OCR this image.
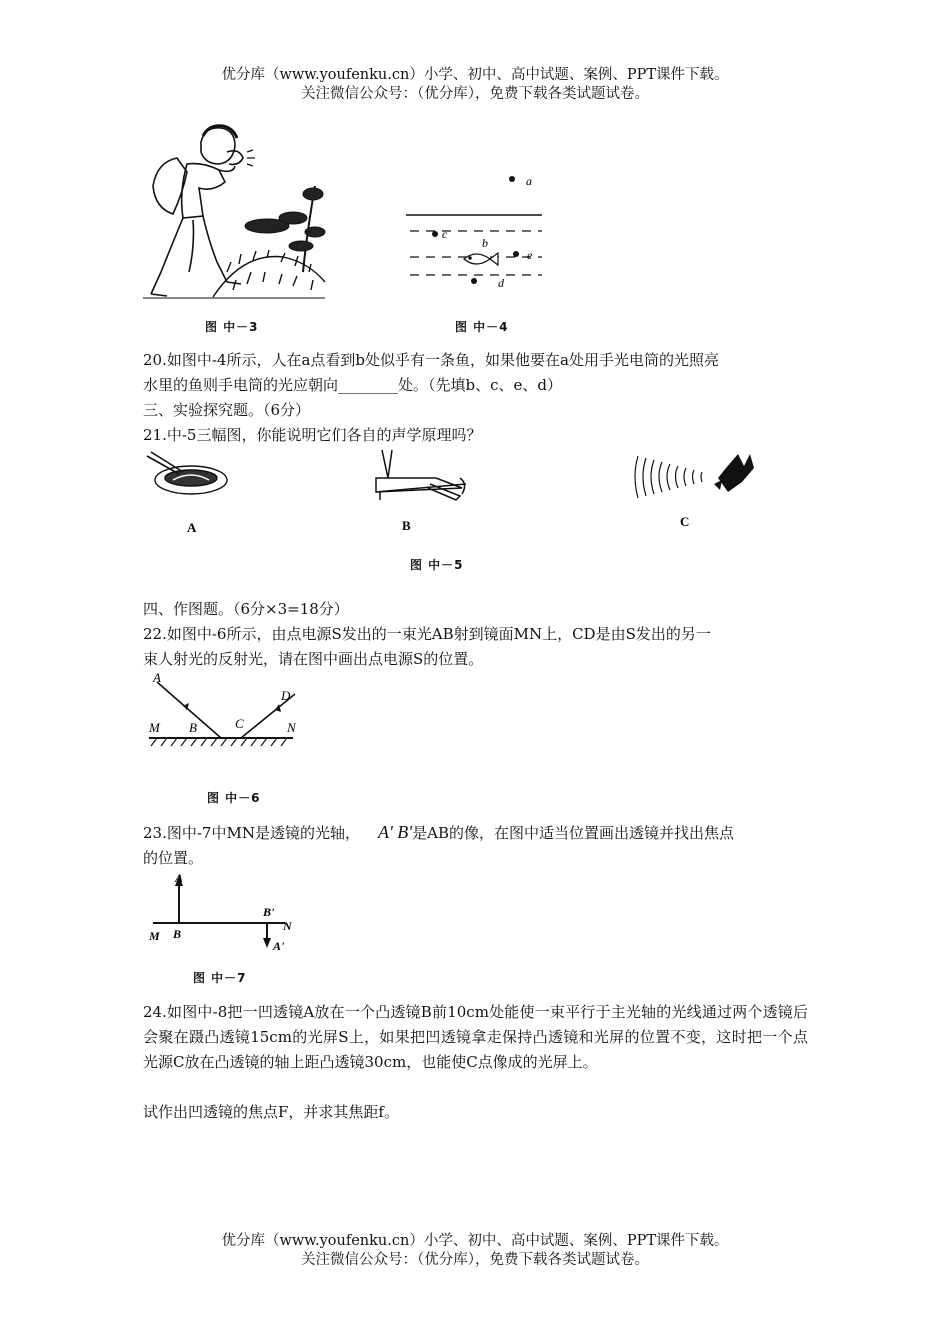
优分库（www.youfenku.cn）小学、初中、高中试题、案例、PPT课件下载。
关注微信公众号：（优分库），免费下载各类试题试卷。
图 中－3
a
c
b
e
d
图 中－4
20.如图中-4所示，人在a点看到b处似乎有一条鱼，如果他要在a处用手光电筒的光照亮
水里的鱼则手电筒的光应朝向________处。（先填b、c、e、d）
三、实验探究题。（6分）
21.中-5三幅图，你能说明它们各自的声学原理吗？
A	B	C
图 中－5
四、作图题。（6分×3=18分）
22.如图中-6所示，由点电源S发出的一束光AB射到镜面MN上，CD是由S发出的另一
束人射光的反射光，请在图中画出点电源S的位置。
A
B	C
D
M	N
图 中－6
23.图中-7中MN是透镜的光轴， A' B'是AB的像，在图中适当位置画出透镜并找出焦点
的位置。
A
B
M
B'
N
A'
图 中－7
24.如图中-8把一凹透镜A放在一个凸透镜B前10cm处能使一束平行于主光轴的光线通过两个透镜后会聚在蹑凸透镜15cm的光屏S上，如果把凹透镜拿走保持凸透镜和光屏的位置不变，这时把一个点光源C放在凸透镜的轴上距凸透镜30cm，也能使C点像成的光屏上。
试作出凹透镜的焦点F，并求其焦距f。
优分库（www.youfenku.cn）小学、初中、高中试题、案例、PPT课件下载。
关注微信公众号：（优分库），免费下载各类试题试卷。
